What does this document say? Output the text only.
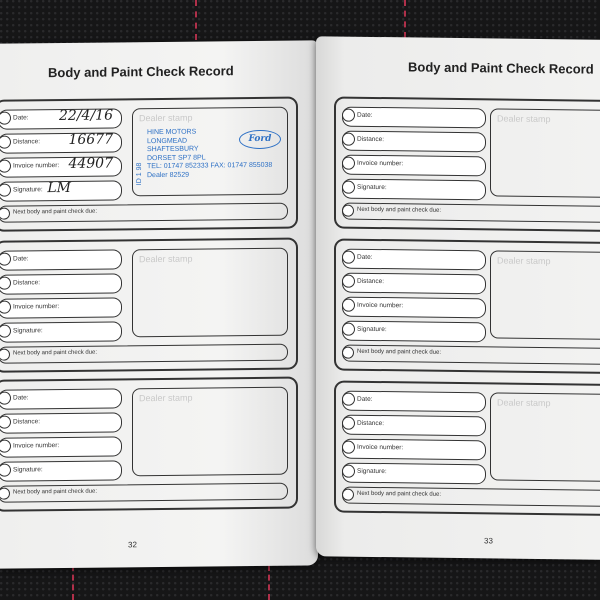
Body and Paint Check Record
Date: 22/4/16
Distance: 16677
Invoice number: 44907
Signature: LM
Dealer stamp
ID 1 98
HINE MOTORS
LONGMEAD
SHAFTESBURY
DORSET SP7 8PL
TEL: 01747 852333 FAX: 01747 855038
Dealer 82529
Ford
Next body and paint check due:
Date:
Distance:
Invoice number:
Signature:
Dealer stamp
Next body and paint check due:
Date:
Distance:
Invoice number:
Signature:
Dealer stamp
Next body and paint check due:
32
Body and Paint Check Record
Date:
Distance:
Invoice number:
Signature:
Dealer stamp
Next body and paint check due:
Date:
Distance:
Invoice number:
Signature:
Dealer stamp
Next body and paint check due:
Date:
Distance:
Invoice number:
Signature:
Dealer stamp
Next body and paint check due:
33
